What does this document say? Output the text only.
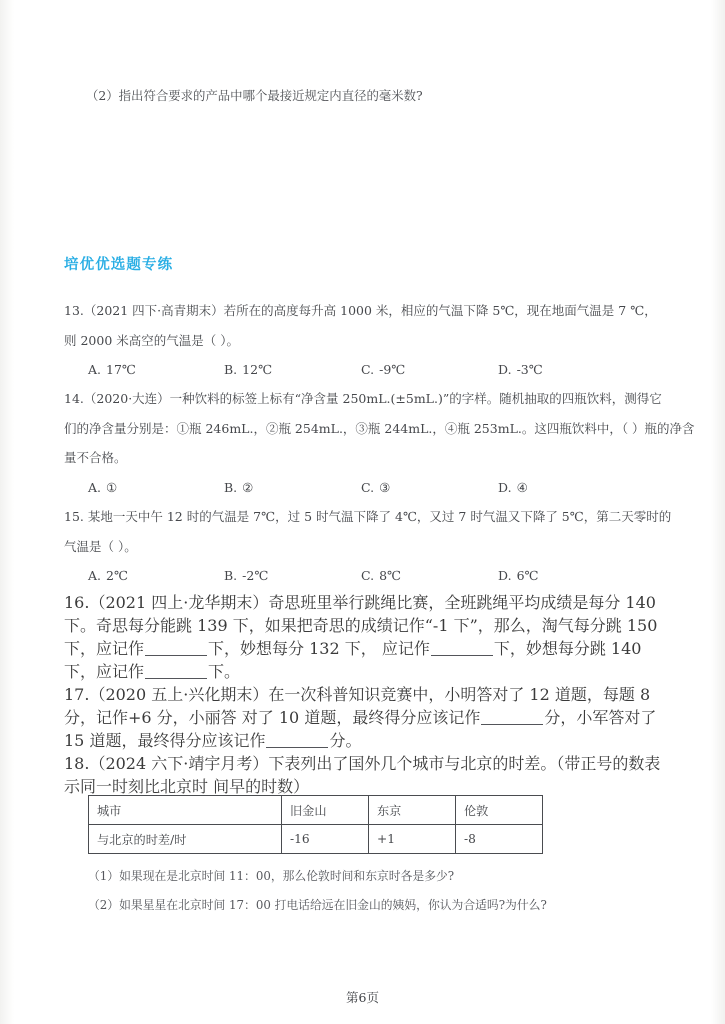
（2）指出符合要求的产品中哪个最接近规定内直径的毫米数?
培优优选题专练
13.（2021 四下·高青期末）若所在的高度每升高 1000 米，相应的气温下降 5℃，现在地面气温是 7 ℃，
则 2000 米高空的气温是（ ）。
A. 17℃	B. 12℃	C. -9℃	D. -3℃
14.（2020·大连）一种饮料的标签上标有“净含量 250mL.(±5mL.)”的字样。随机抽取的四瓶饮料，测得它
们的净含量分别是：①瓶 246mL.，②瓶 254mL.，③瓶 244mL.，④瓶 253mL.。这四瓶饮料中，（ ）瓶的净含
量不合格。
A. ①	B. ②	C. ③	D. ④
15. 某地一天中午 12 时的气温是 7℃，过 5 时气温下降了 4℃，又过 7 时气温又下降了 5℃，第二天零时的
气温是（ ）。
A. 2℃	B. -2℃	C. 8℃	D. 6℃
16.（2021 四上·龙华期末）奇思班里举行跳绳比赛，全班跳绳平均成绩是每分 140 下。奇思每分能跳 139 下，如果把奇思的成绩记作“-1 下”，那么，淘气每分跳 150 下，应记作	下，妙想每分 132 下， 应记作	下，妙想每分跳 140 下，应记作	下。
17.（2020 五上·兴化期末）在一次科普知识竞赛中，小明答对了 12 道题，每题 8 分，记作+6 分，小丽答 对了 10 道题，最终得分应该记作	分，小军答对了 15 道题，最终得分应该记作	分。
18.（2024 六下·靖宇月考）下表列出了国外几个城市与北京的时差。（带正号的数表示同一时刻比北京时 间早的时数）
城市	旧金山	东京	伦敦
与北京的时差/时	-16	+1	-8
（1）如果现在是北京时间 11：00，那么伦敦时间和东京时各是多少?
（2）如果星星在北京时间 17：00 打电话给远在旧金山的姨妈，你认为合适吗?为什么?
第6页
